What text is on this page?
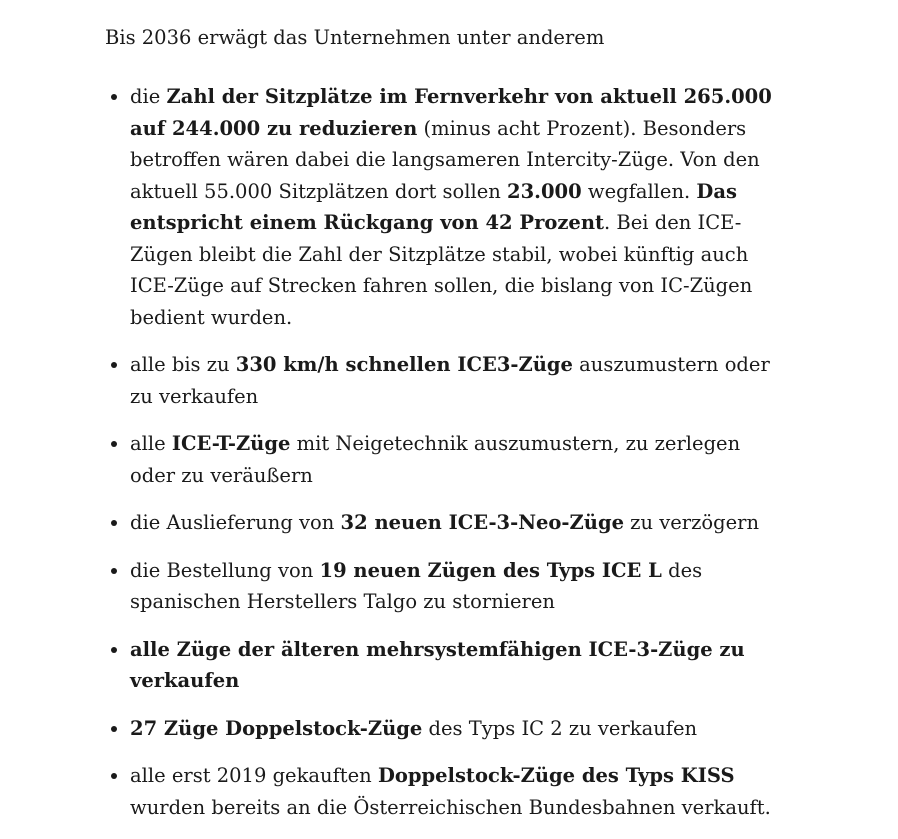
Bis 2036 erwägt das Unternehmen unter anderem

die Zahl der Sitzplätze im Fernverkehr von aktuell 265.000 auf 244.000 zu reduzieren (minus acht Prozent). Besonders betroffen wären dabei die langsameren Intercity-Züge. Von den aktuell 55.000 Sitzplätzen dort sollen 23.000 wegfallen. Das entspricht einem Rückgang von 42 Prozent. Bei den ICE-Zügen bleibt die Zahl der Sitzplätze stabil, wobei künftig auch ICE-Züge auf Strecken fahren sollen, die bislang von IC-Zügen bedient wurden.
alle bis zu 330 km/h schnellen ICE3-Züge auszumustern oder zu verkaufen
alle ICE-T-Züge mit Neigetechnik auszumustern, zu zerlegen oder zu veräußern
die Auslieferung von 32 neuen ICE-3-Neo-Züge zu verzögern
die Bestellung von 19 neuen Zügen des Typs ICE L des spanischen Herstellers Talgo zu stornieren
alle Züge der älteren mehrsystemfähigen ICE-3-Züge zu verkaufen
27 Züge Doppelstock-Züge des Typs IC 2 zu verkaufen
alle erst 2019 gekauften Doppelstock-Züge des Typs KISS wurden bereits an die Österreichischen Bundesbahnen verkauft.
